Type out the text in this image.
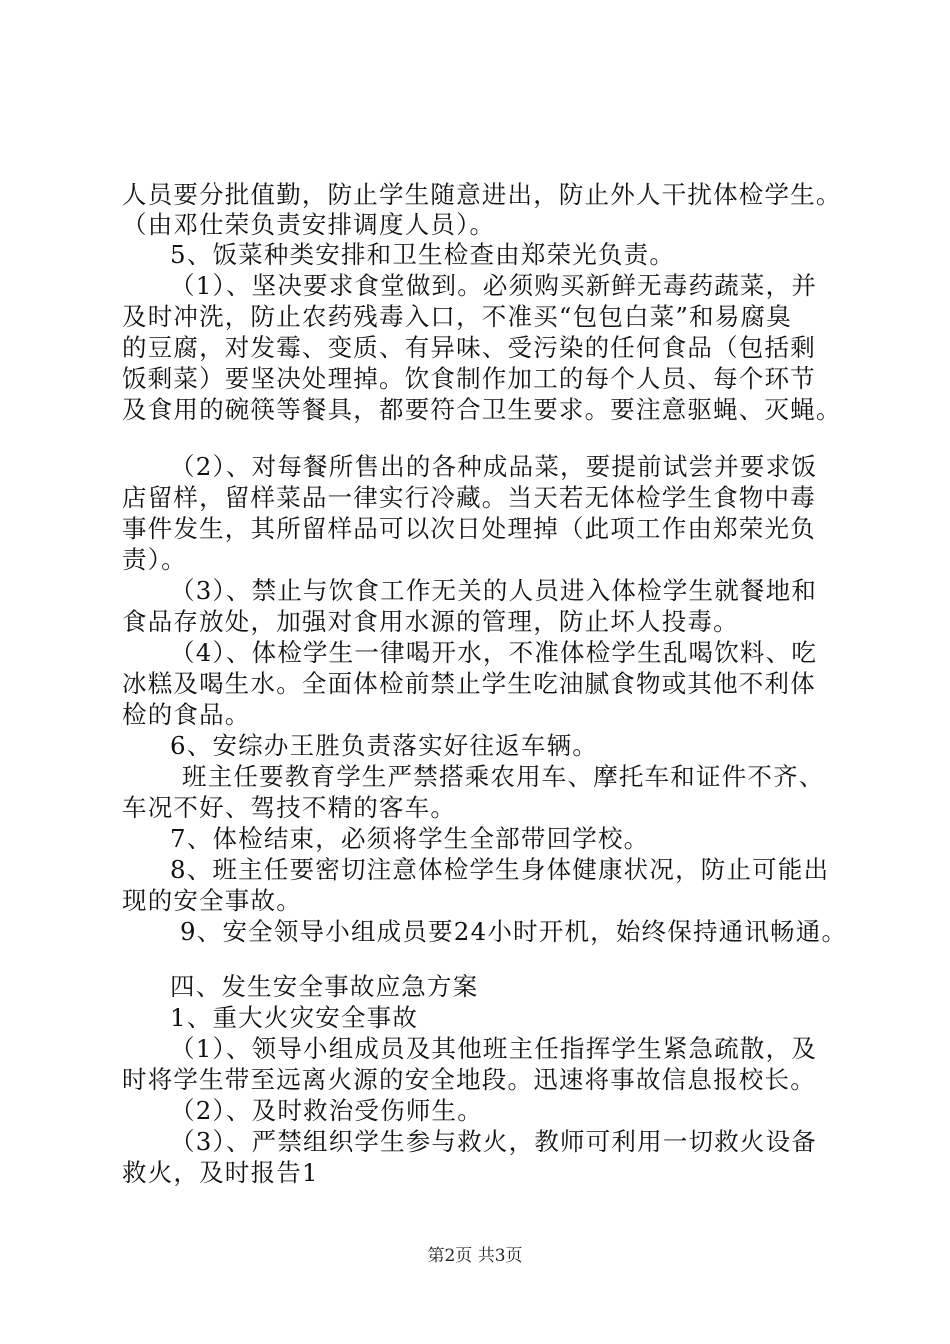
人员要分批值勤，防止学生随意进出，防止外人干扰体检学生。
（由邓仕荣负责安排调度人员）。
5、饭菜种类安排和卫生检查由郑荣光负责。
（1）、坚决要求食堂做到。必须购买新鲜无毒药蔬菜，并
及时冲洗，防止农药残毒入口，不准买“包包白菜”和易腐臭
的豆腐，对发霉、变质、有异味、受污染的任何食品（包括剩
饭剩菜）要坚决处理掉。饮食制作加工的每个人员、每个环节
及食用的碗筷等餐具，都要符合卫生要求。要注意驱蝇、灭蝇。
（2）、对每餐所售出的各种成品菜，要提前试尝并要求饭
店留样，留样菜品一律实行冷藏。当天若无体检学生食物中毒
事件发生，其所留样品可以次日处理掉（此项工作由郑荣光负
责）。
（3）、禁止与饮食工作无关的人员进入体检学生就餐地和
食品存放处，加强对食用水源的管理，防止坏人投毒。
（4）、体检学生一律喝开水，不准体检学生乱喝饮料、吃
冰糕及喝生水。全面体检前禁止学生吃油腻食物或其他不利体
检的食品。
6、安综办王胜负责落实好往返车辆。
班主任要教育学生严禁搭乘农用车、摩托车和证件不齐、
车况不好、驾技不精的客车。
7、体检结束，必须将学生全部带回学校。
8、班主任要密切注意体检学生身体健康状况，防止可能出
现的安全事故。
9、安全领导小组成员要24小时开机，始终保持通讯畅通。
四、发生安全事故应急方案
1、重大火灾安全事故
（1）、领导小组成员及其他班主任指挥学生紧急疏散，及
时将学生带至远离火源的安全地段。迅速将事故信息报校长。
（2）、及时救治受伤师生。
（3）、严禁组织学生参与救火，教师可利用一切救火设备
救火，及时报告1
第2页 共3页
